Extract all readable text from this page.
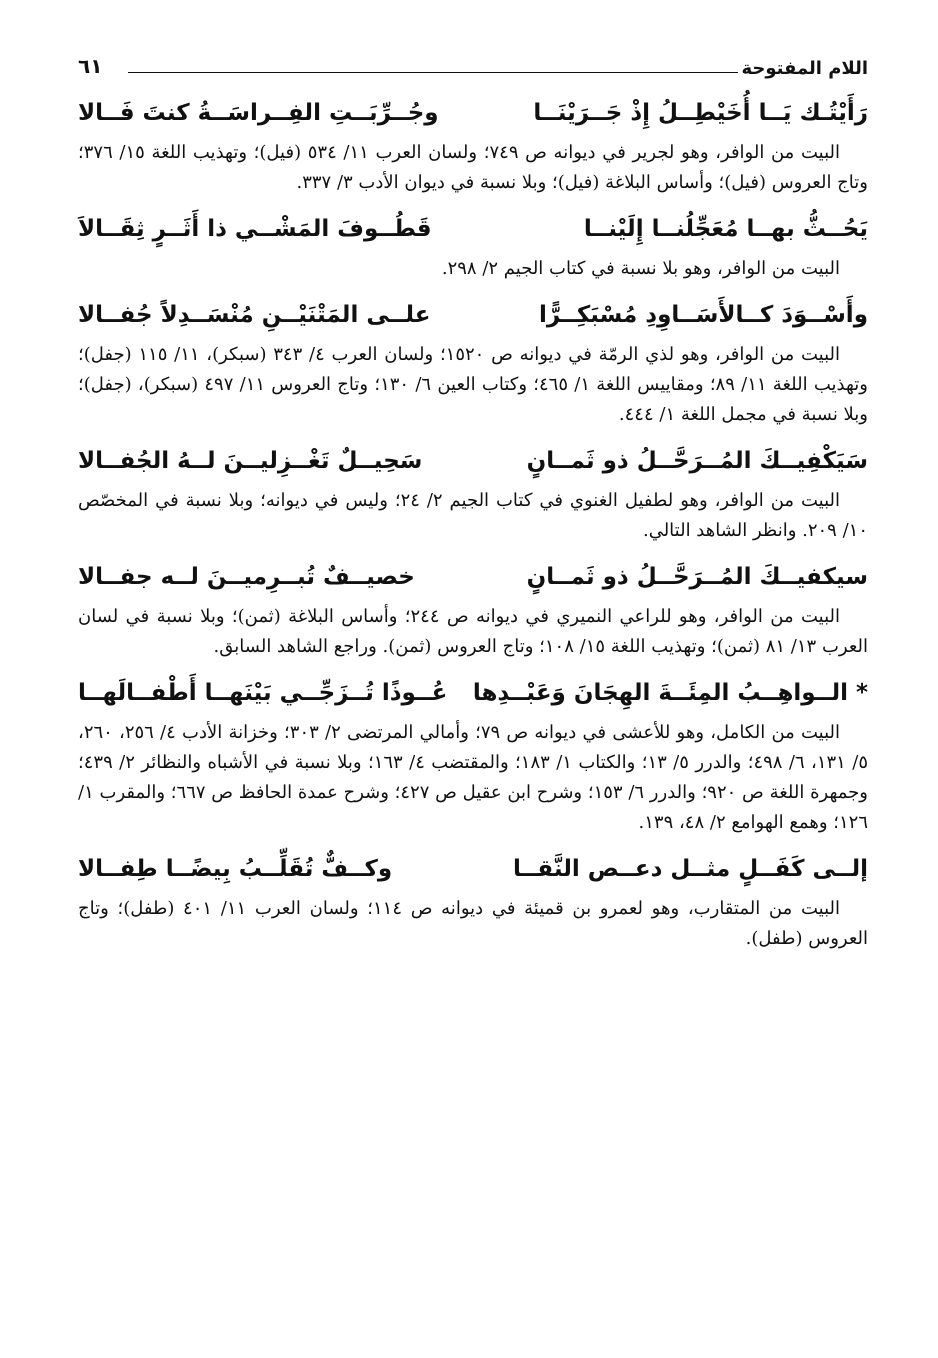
اللام المفتوحة
٦١
رَأَيْتُـك يَــا أُخَيْطِــلُ إِذْ جَــرَيْنَــا
وجُــرِّبَــتِ الفِــراسَــةُ كنتَ فَــالا

البيت من الوافر، وهو لجرير في ديوانه ص ٧٤٩؛ ولسان العرب ١١/ ٥٣٤ (فيل)؛ وتهذيب اللغة ١٥/ ٣٧٦؛ وتاج العروس (فيل)؛ وأساس البلاغة (فيل)؛ وبلا نسبة في ديوان الأدب ٣/ ٣٣٧.

يَحُــثُّ بهــا مُعَجِّلُنــا إِلَيْنــا
قَطُــوفَ المَشْــي ذا أَثَــرٍ ثِقَــالاَ

البيت من الوافر، وهو بلا نسبة في كتاب الجيم ٢/ ٢٩٨.

وأَسْــوَدَ كــالأَسَــاوِدِ مُسْبَكِــرًّا
علــى المَتْنَيْــنِ مُنْسَــدِلاً جُفــالا

البيت من الوافر، وهو لذي الرمّة في ديوانه ص ١٥٢٠؛ ولسان العرب ٤/ ٣٤٣ (سبكر)، ١١/ ١١٥ (جفل)؛ وتهذيب اللغة ١١/ ٨٩؛ ومقاييس اللغة ١/ ٤٦٥؛ وكتاب العين ٦/ ١٣٠؛ وتاج العروس ١١/ ٤٩٧ (سبكر)، (جفل)؛ وبلا نسبة في مجمل اللغة ١/ ٤٤٤.

سَيَكْفِيــكَ المُــرَحَّــلُ ذو ثَمــانٍ
سَحِيــلٌ تَغْــزِليــنَ لــهُ الجُفــالا

البيت من الوافر، وهو لطفيل الغنوي في كتاب الجيم ٢/ ٢٤؛ وليس في ديوانه؛ وبلا نسبة في المخصّص ١٠/ ٢٠٩. وانظر الشاهد التالي.

سيكفيــكَ المُــرَحَّــلُ ذو ثَمــانٍ
خصيــفٌ تُبــرِميــنَ لــه جفــالا

البيت من الوافر، وهو للراعي النميري في ديوانه ص ٢٤٤؛ وأساس البلاغة (ثمن)؛ وبلا نسبة في لسان العرب ١٣/ ٨١ (ثمن)؛ وتهذيب اللغة ١٥/ ١٠٨؛ وتاج العروس (ثمن). وراجع الشاهد السابق.

* الــواهِــبُ المِئَــةَ الهِجَانَ وَعَبْــدِها
عُــوذًا تُــزَجِّــي بَيْنَهــا أَطْفــالَهــا

البيت من الكامل، وهو للأعشى في ديوانه ص ٧٩؛ وأمالي المرتضى ٢/ ٣٠٣؛ وخزانة الأدب ٤/ ٢٥٦، ٢٦٠، ٥/ ١٣١، ٦/ ٤٩٨؛ والدرر ٥/ ١٣؛ والكتاب ١/ ١٨٣؛ والمقتضب ٤/ ١٦٣؛ وبلا نسبة في الأشباه والنظائر ٢/ ٤٣٩؛ وجمهرة اللغة ص ٩٢٠؛ والدرر ٦/ ١٥٣؛ وشرح ابن عقيل ص ٤٢٧؛ وشرح عمدة الحافظ ص ٦٦٧؛ والمقرب ١/ ١٢٦؛ وهمع الهوامع ٢/ ٤٨، ١٣٩.

إلــى كَفَــلٍ مثــل دعــص النَّقــا
وكــفٌّ تُقَلِّــبُ بِيضًــا طِفــالا

البيت من المتقارب، وهو لعمرو بن قميئة في ديوانه ص ١١٤؛ ولسان العرب ١١/ ٤٠١ (طفل)؛ وتاج العروس (طفل).
